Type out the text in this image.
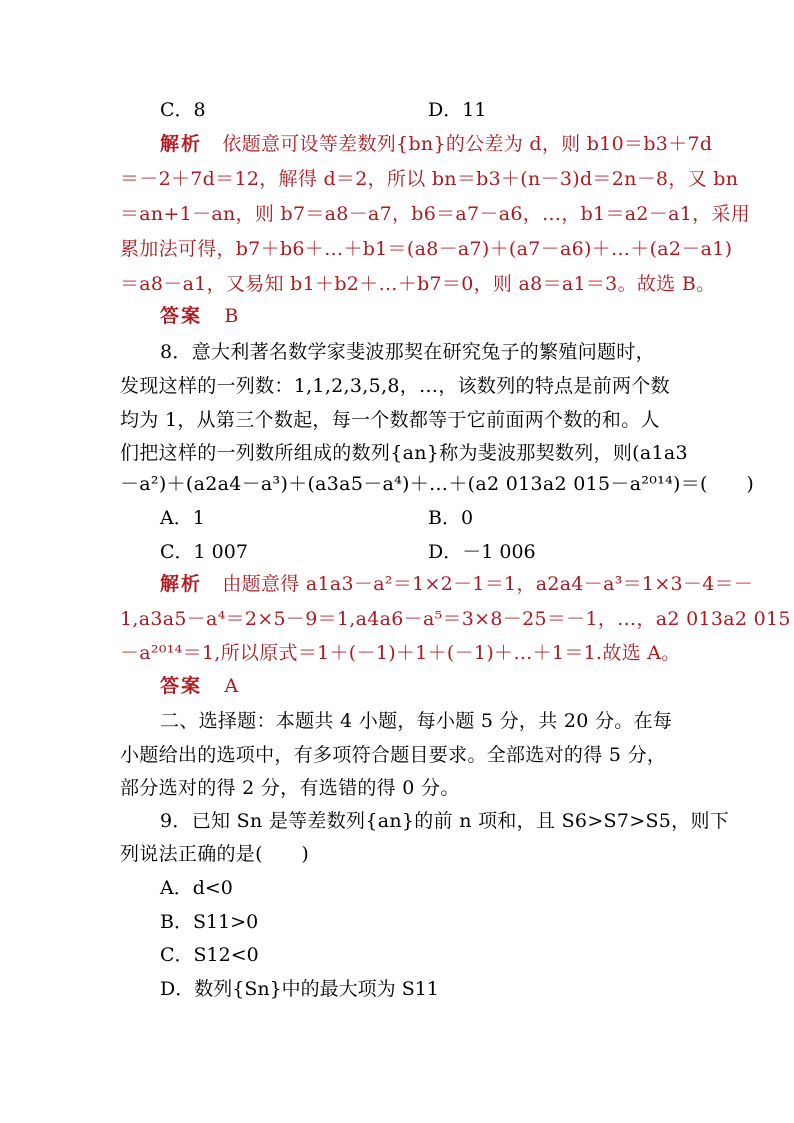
C．8	D．11
解析 依题意可设等差数列{bn}的公差为 d，则 b10＝b3＋7d
＝－2＋7d＝12，解得 d＝2，所以 bn＝b3＋(n－3)d＝2n－8，又 bn
＝an+1－an，则 b7＝a8－a7，b6＝a7－a6，…，b1＝a2－a1，采用
累加法可得，b7＋b6＋…＋b1＝(a8－a7)＋(a7－a6)＋…＋(a2－a1)
＝a8－a1，又易知 b1＋b2＋…＋b7＝0，则 a8＝a1＝3。故选 B。
答案 B
8．意大利著名数学家斐波那契在研究兔子的繁殖问题时，
发现这样的一列数：1,1,2,3,5,8，…，该数列的特点是前两个数
均为 1，从第三个数起，每一个数都等于它前面两个数的和。人
们把这样的一列数所组成的数列{an}称为斐波那契数列，则(a1a3
－a²)＋(a2a4－a³)＋(a3a5－a⁴)＋…＋(a2 013a2 015－a²⁰¹⁴)＝(　　)
A．1	B．0
C．1 007	D．－1 006
解析 由题意得 a1a3－a²＝1×2－1＝1，a2a4－a³＝1×3－4＝－
1,a3a5－a⁴＝2×5－9＝1,a4a6－a⁵＝3×8－25＝－1，…，a2 013a2 015
－a²⁰¹⁴＝1,所以原式＝1＋(－1)＋1＋(－1)＋…＋1＝1.故选 A。
答案 A
二、选择题：本题共 4 小题，每小题 5 分，共 20 分。在每
小题给出的选项中，有多项符合题目要求。全部选对的得 5 分，
部分选对的得 2 分，有选错的得 0 分。
9．已知 Sn 是等差数列{an}的前 n 项和，且 S6>S7>S5，则下
列说法正确的是(　　)
A．d<0
B．S11>0
C．S12<0
D．数列{Sn}中的最大项为 S11
